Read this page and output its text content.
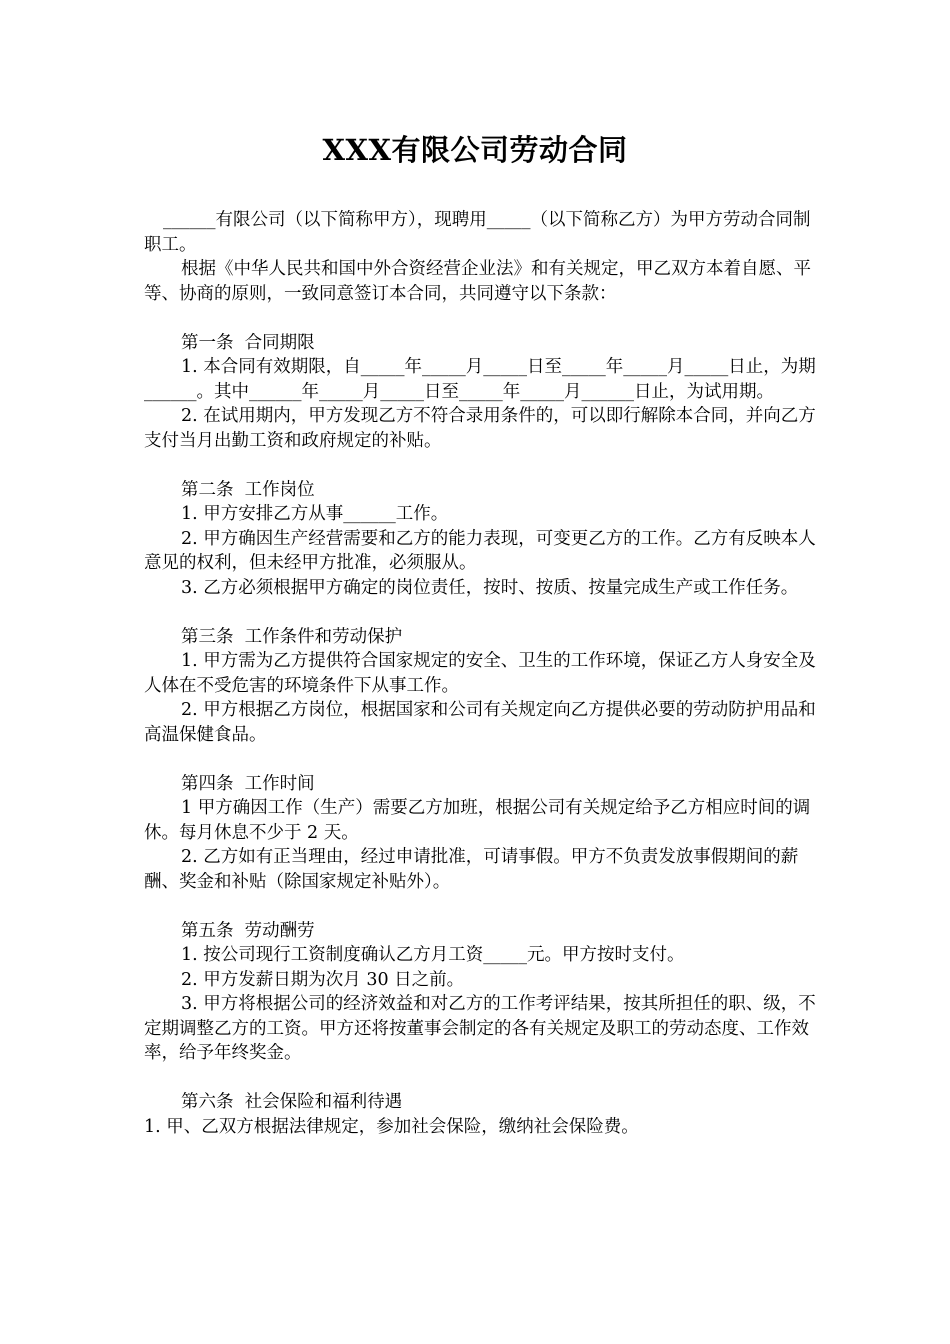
XXX有限公司劳动合同

______有限公司（以下简称甲方），现聘用_____（以下简称乙方）为甲方劳动合同制职工。

根据《中华人民共和国中外合资经营企业法》和有关规定，甲乙双方本着自愿、平等、协商的原则，一致同意签订本合同，共同遵守以下条款：

第一条  合同期限

1. 本合同有效期限，自_____年_____月_____日至_____年_____月_____日止，为期______。其中______年_____月_____日至_____年_____月______日止，为试用期。

2. 在试用期内，甲方发现乙方不符合录用条件的，可以即行解除本合同，并向乙方支付当月出勤工资和政府规定的补贴。

第二条  工作岗位

1. 甲方安排乙方从事______工作。

2. 甲方确因生产经营需要和乙方的能力表现，可变更乙方的工作。乙方有反映本人意见的权利，但未经甲方批准，必须服从。

3. 乙方必须根据甲方确定的岗位责任，按时、按质、按量完成生产或工作任务。

第三条  工作条件和劳动保护

1. 甲方需为乙方提供符合国家规定的安全、卫生的工作环境，保证乙方人身安全及人体在不受危害的环境条件下从事工作。

2. 甲方根据乙方岗位，根据国家和公司有关规定向乙方提供必要的劳动防护用品和高温保健食品。

第四条  工作时间

1 甲方确因工作（生产）需要乙方加班，根据公司有关规定给予乙方相应时间的调休。每月休息不少于 2 天。

2. 乙方如有正当理由，经过申请批准，可请事假。甲方不负责发放事假期间的薪酬、奖金和补贴（除国家规定补贴外）。

第五条  劳动酬劳

1. 按公司现行工资制度确认乙方月工资_____元。甲方按时支付。

2. 甲方发薪日期为次月 30 日之前。

3. 甲方将根据公司的经济效益和对乙方的工作考评结果，按其所担任的职、级，不定期调整乙方的工资。甲方还将按董事会制定的各有关规定及职工的劳动态度、工作效率，给予年终奖金。

第六条  社会保险和福利待遇

1. 甲、乙双方根据法律规定，参加社会保险，缴纳社会保险费。
